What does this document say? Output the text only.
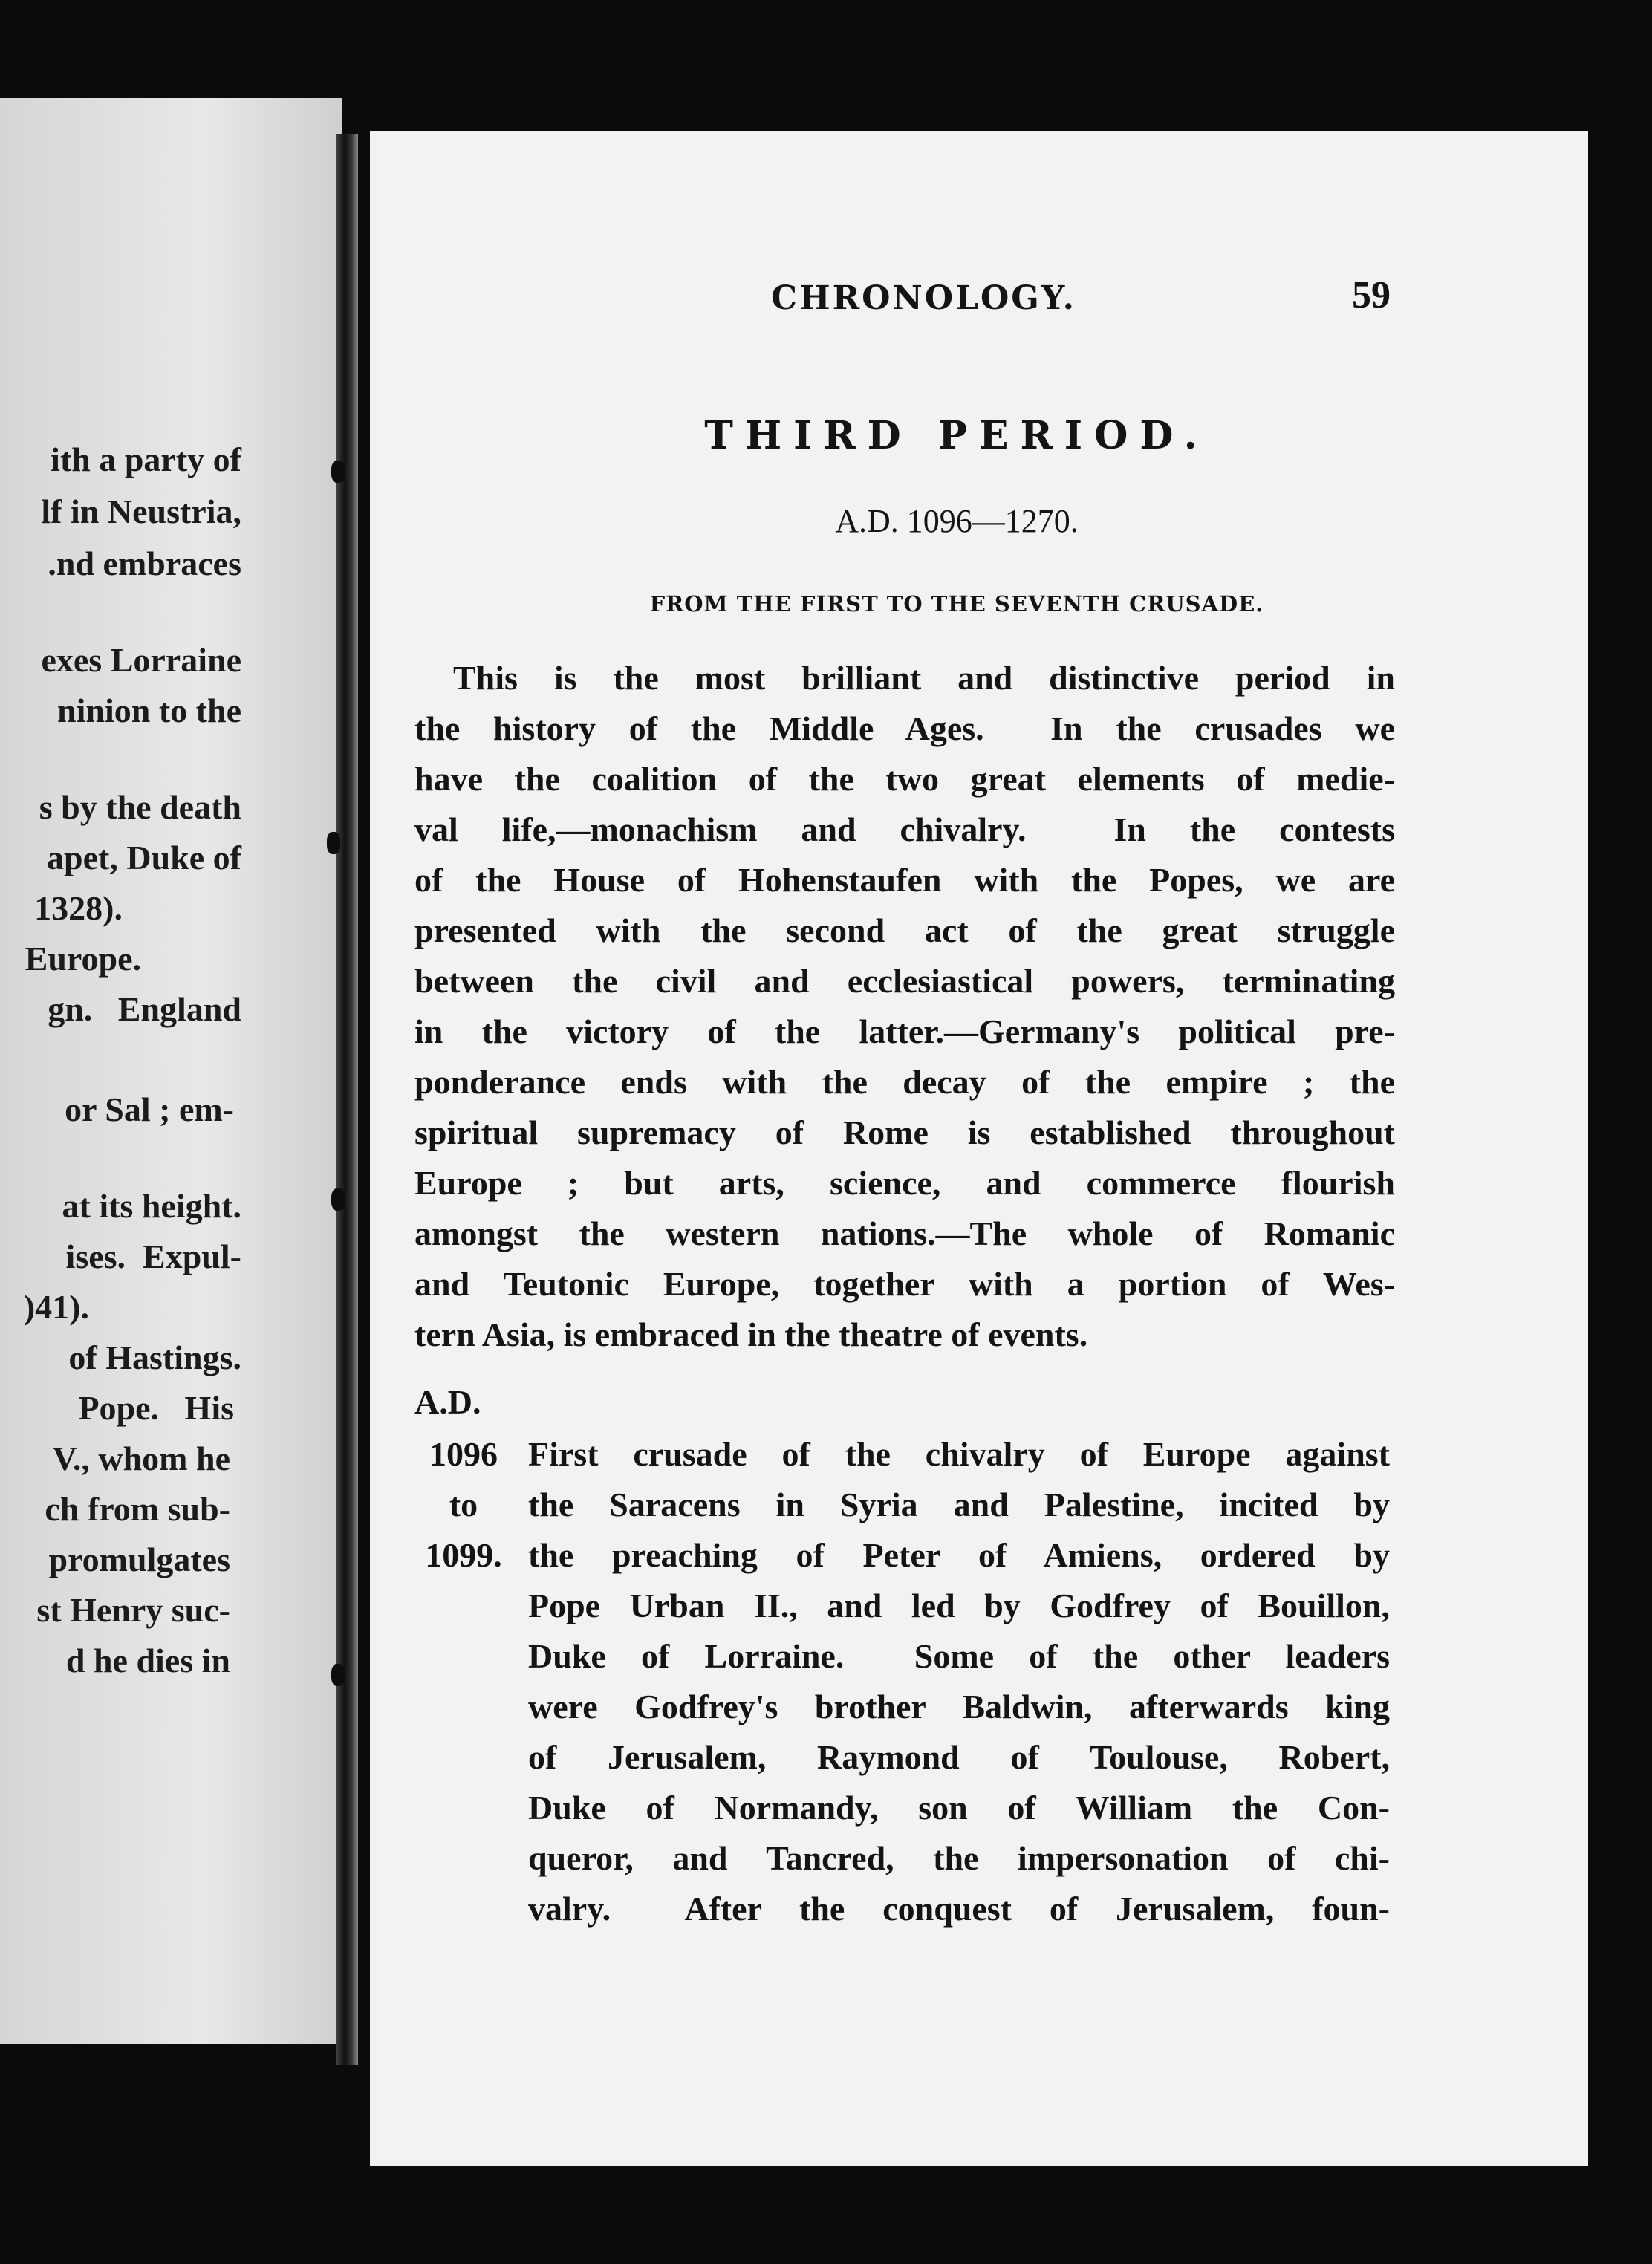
ith a party of
lf in Neustria,
.nd embraces
exes Lorraine
ninion to the
s by the death
apet, Duke of
1328).
Europe.
gn.   England
or Sal ; em-
at its height.
ises.  Expul-
)41).
of Hastings.
Pope.   His
V., whom he
ch from sub-
promulgates
st Henry suc-
d he dies in
CHRONOLOGY.	59
THIRD PERIOD.
A.D. 1096—1270.
FROM THE FIRST TO THE SEVENTH CRUSADE.
This is the most brilliant and distinctive period in
the history of the Middle Ages.  In the crusades we
have the coalition of the two great elements of medie-
val life,—monachism and chivalry.  In the contests
of the House of Hohenstaufen with the Popes, we are
presented with the second act of the great struggle
between the civil and ecclesiastical powers, terminating
in the victory of the latter.—Germany's political pre-
ponderance ends with the decay of the empire ; the
spiritual supremacy of Rome is established throughout
Europe ; but arts, science, and commerce flourish
amongst the western nations.—The whole of Romanic
and Teutonic Europe, together with a portion of Wes-
tern Asia, is embraced in the theatre of events.
A.D.
1096
to
1099.
First crusade of the chivalry of Europe against
the Saracens in Syria and Palestine, incited by
the preaching of Peter of Amiens, ordered by
Pope Urban II., and led by Godfrey of Bouillon,
Duke of Lorraine.  Some of the other leaders
were Godfrey's brother Baldwin, afterwards king
of Jerusalem, Raymond of Toulouse, Robert,
Duke of Normandy, son of William the Con-
queror, and Tancred, the impersonation of chi-
valry.  After the conquest of Jerusalem, foun-
